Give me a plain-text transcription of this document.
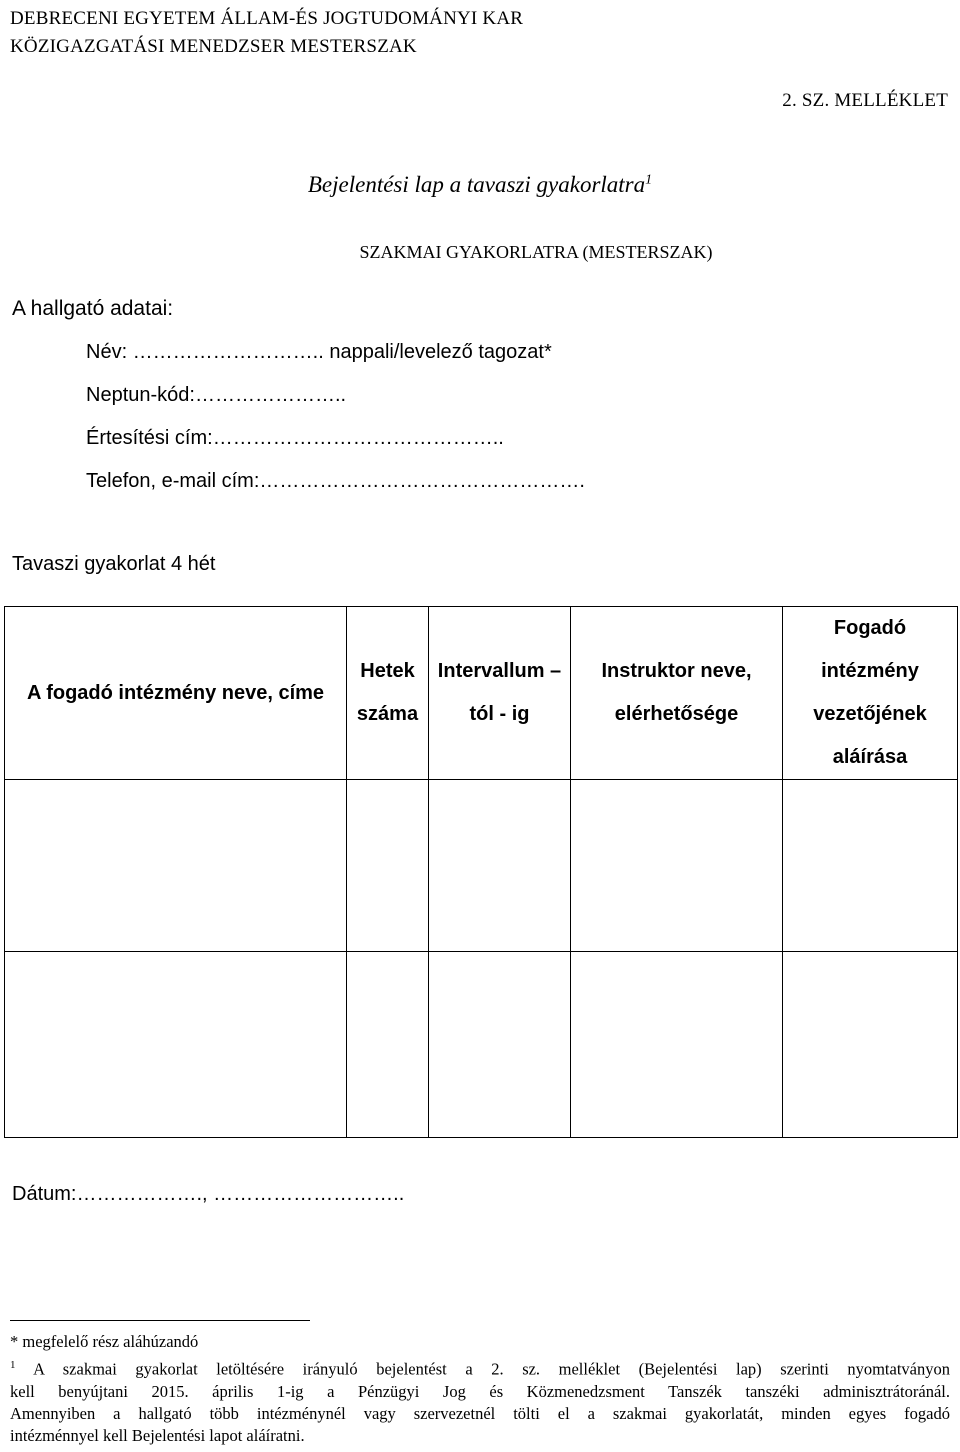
DEBRECENI EGYETEM ÁLLAM-ÉS JOGTUDOMÁNYI KAR
KÖZIGAZGATÁSI MENEDZSER MESTERSZAK
2. SZ. MELLÉKLET
Bejelentési lap a tavaszi gyakorlatra$^1$
SZAKMAI GYAKORLATRA (MESTERSZAK)
A hallgató adatai:
Név: ……………………….. nappali/levelező tagozat*
Neptun-kód:…………………..
Értesítési cím:……………………………………..
Telefon, e-mail cím:………………………………………….
Tavaszi gyakorlat 4 hét
A fogadó intézmény neve, címe	Hetek száma	Intervallum –tól - ig	Instruktor neve, elérhetősége	Fogadó intézmény vezetőjének aláírása

Dátum:………………., ………………………..
* megfelelő rész aláhúzandó
$^1$ A szakmai gyakorlat letöltésére irányuló bejelentést a 2. sz. melléklet (Bejelentési lap) szerinti nyomtatványon
kell benyújtani 2015. április 1-ig a Pénzügyi Jog és Közmenedzsment Tanszék tanszéki adminisztrátoránál.
Amennyiben a hallgató több intézménynél vagy szervezetnél tölti el a szakmai gyakorlatát, minden egyes fogadó
intézménnyel kell Bejelentési lapot aláíratni.
